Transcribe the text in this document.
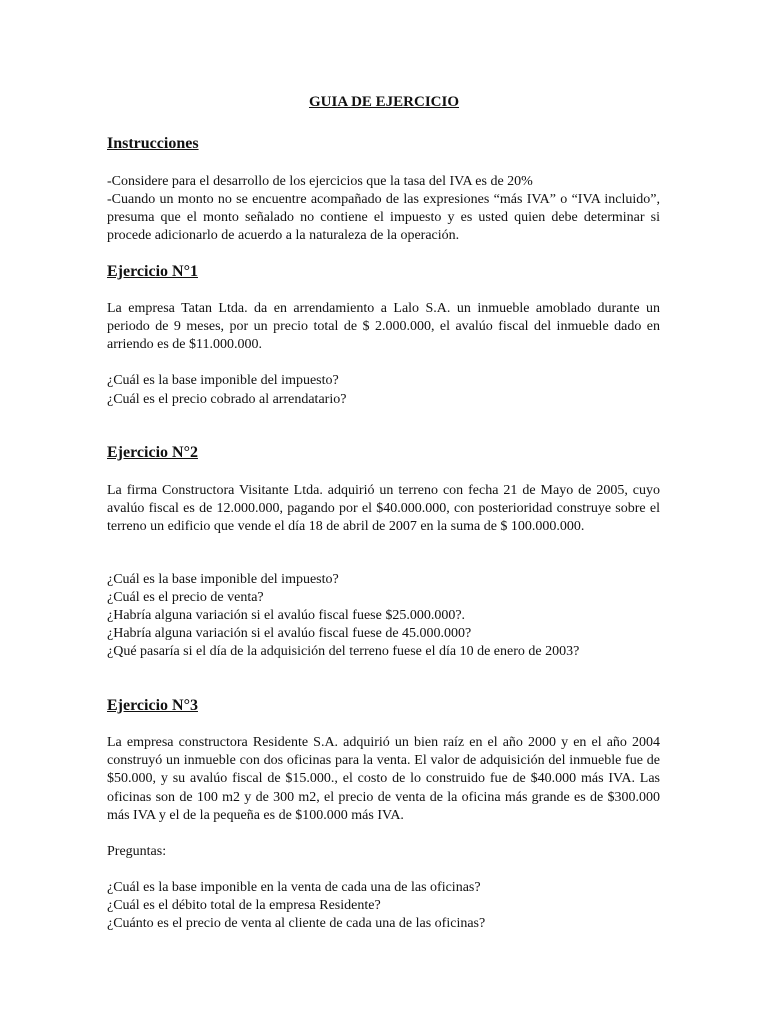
GUIA DE EJERCICIO
Instrucciones
-Considere para el desarrollo de los ejercicios que la tasa del IVA es de 20%
-Cuando un monto no se encuentre acompañado de las expresiones “más IVA” o “IVA incluido”, presuma que el monto señalado no contiene el impuesto y es usted quien debe determinar si procede adicionarlo de acuerdo a la naturaleza de la operación.
Ejercicio N°1
La empresa Tatan Ltda. da en arrendamiento a Lalo S.A. un inmueble amoblado durante un periodo de 9 meses, por un precio total de $ 2.000.000, el avalúo fiscal del inmueble dado en arriendo es de $11.000.000.
¿Cuál es la base imponible del impuesto?
¿Cuál es el precio cobrado al arrendatario?
Ejercicio N°2
La firma Constructora Visitante Ltda. adquirió un terreno con fecha 21 de Mayo de 2005, cuyo avalúo fiscal es de 12.000.000, pagando por el $40.000.000, con posterioridad construye sobre el terreno un edificio que vende el día 18 de abril de 2007 en la suma de $ 100.000.000.
¿Cuál es la base imponible del impuesto?
¿Cuál es el precio de venta?
¿Habría alguna variación si el avalúo fiscal fuese $25.000.000?.
¿Habría alguna variación si el avalúo fiscal fuese de 45.000.000?
¿Qué pasaría si el día de la adquisición del terreno fuese el día 10 de enero de 2003?
Ejercicio N°3
La empresa constructora Residente S.A. adquirió un bien raíz en el año 2000 y en el año 2004 construyó un inmueble con dos oficinas para la venta. El valor de adquisición del inmueble fue de $50.000, y su avalúo fiscal de $15.000., el costo de lo construido fue de $40.000 más IVA. Las oficinas son de 100 m2 y de 300 m2, el precio de venta de la oficina más grande es de $300.000 más IVA y el de la pequeña es de $100.000 más IVA.
Preguntas:
¿Cuál es la base imponible en la venta de cada una de las oficinas?
¿Cuál es el débito total de la empresa Residente?
¿Cuánto es el precio de venta al cliente de cada una de las oficinas?
